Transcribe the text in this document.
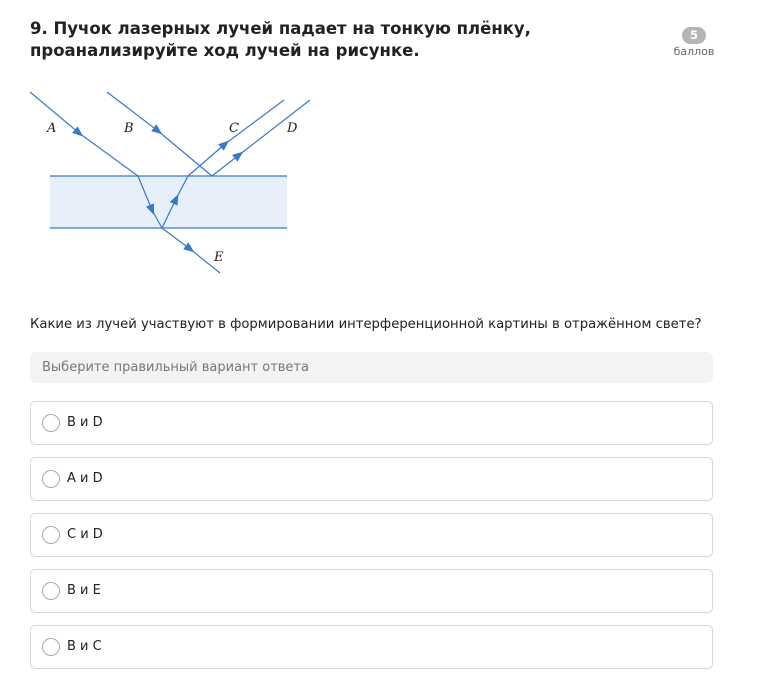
9. Пучок лазерных лучей падает на тонкую плёнку, проанализируйте ход лучей на рисунке.
5
баллов
A	B	C	D
E
Какие из лучей участвуют в формировании интерференционной картины в отражённом свете?
Выберите правильный вариант ответа
B и D
A и D
C и D
B и E
B и C
